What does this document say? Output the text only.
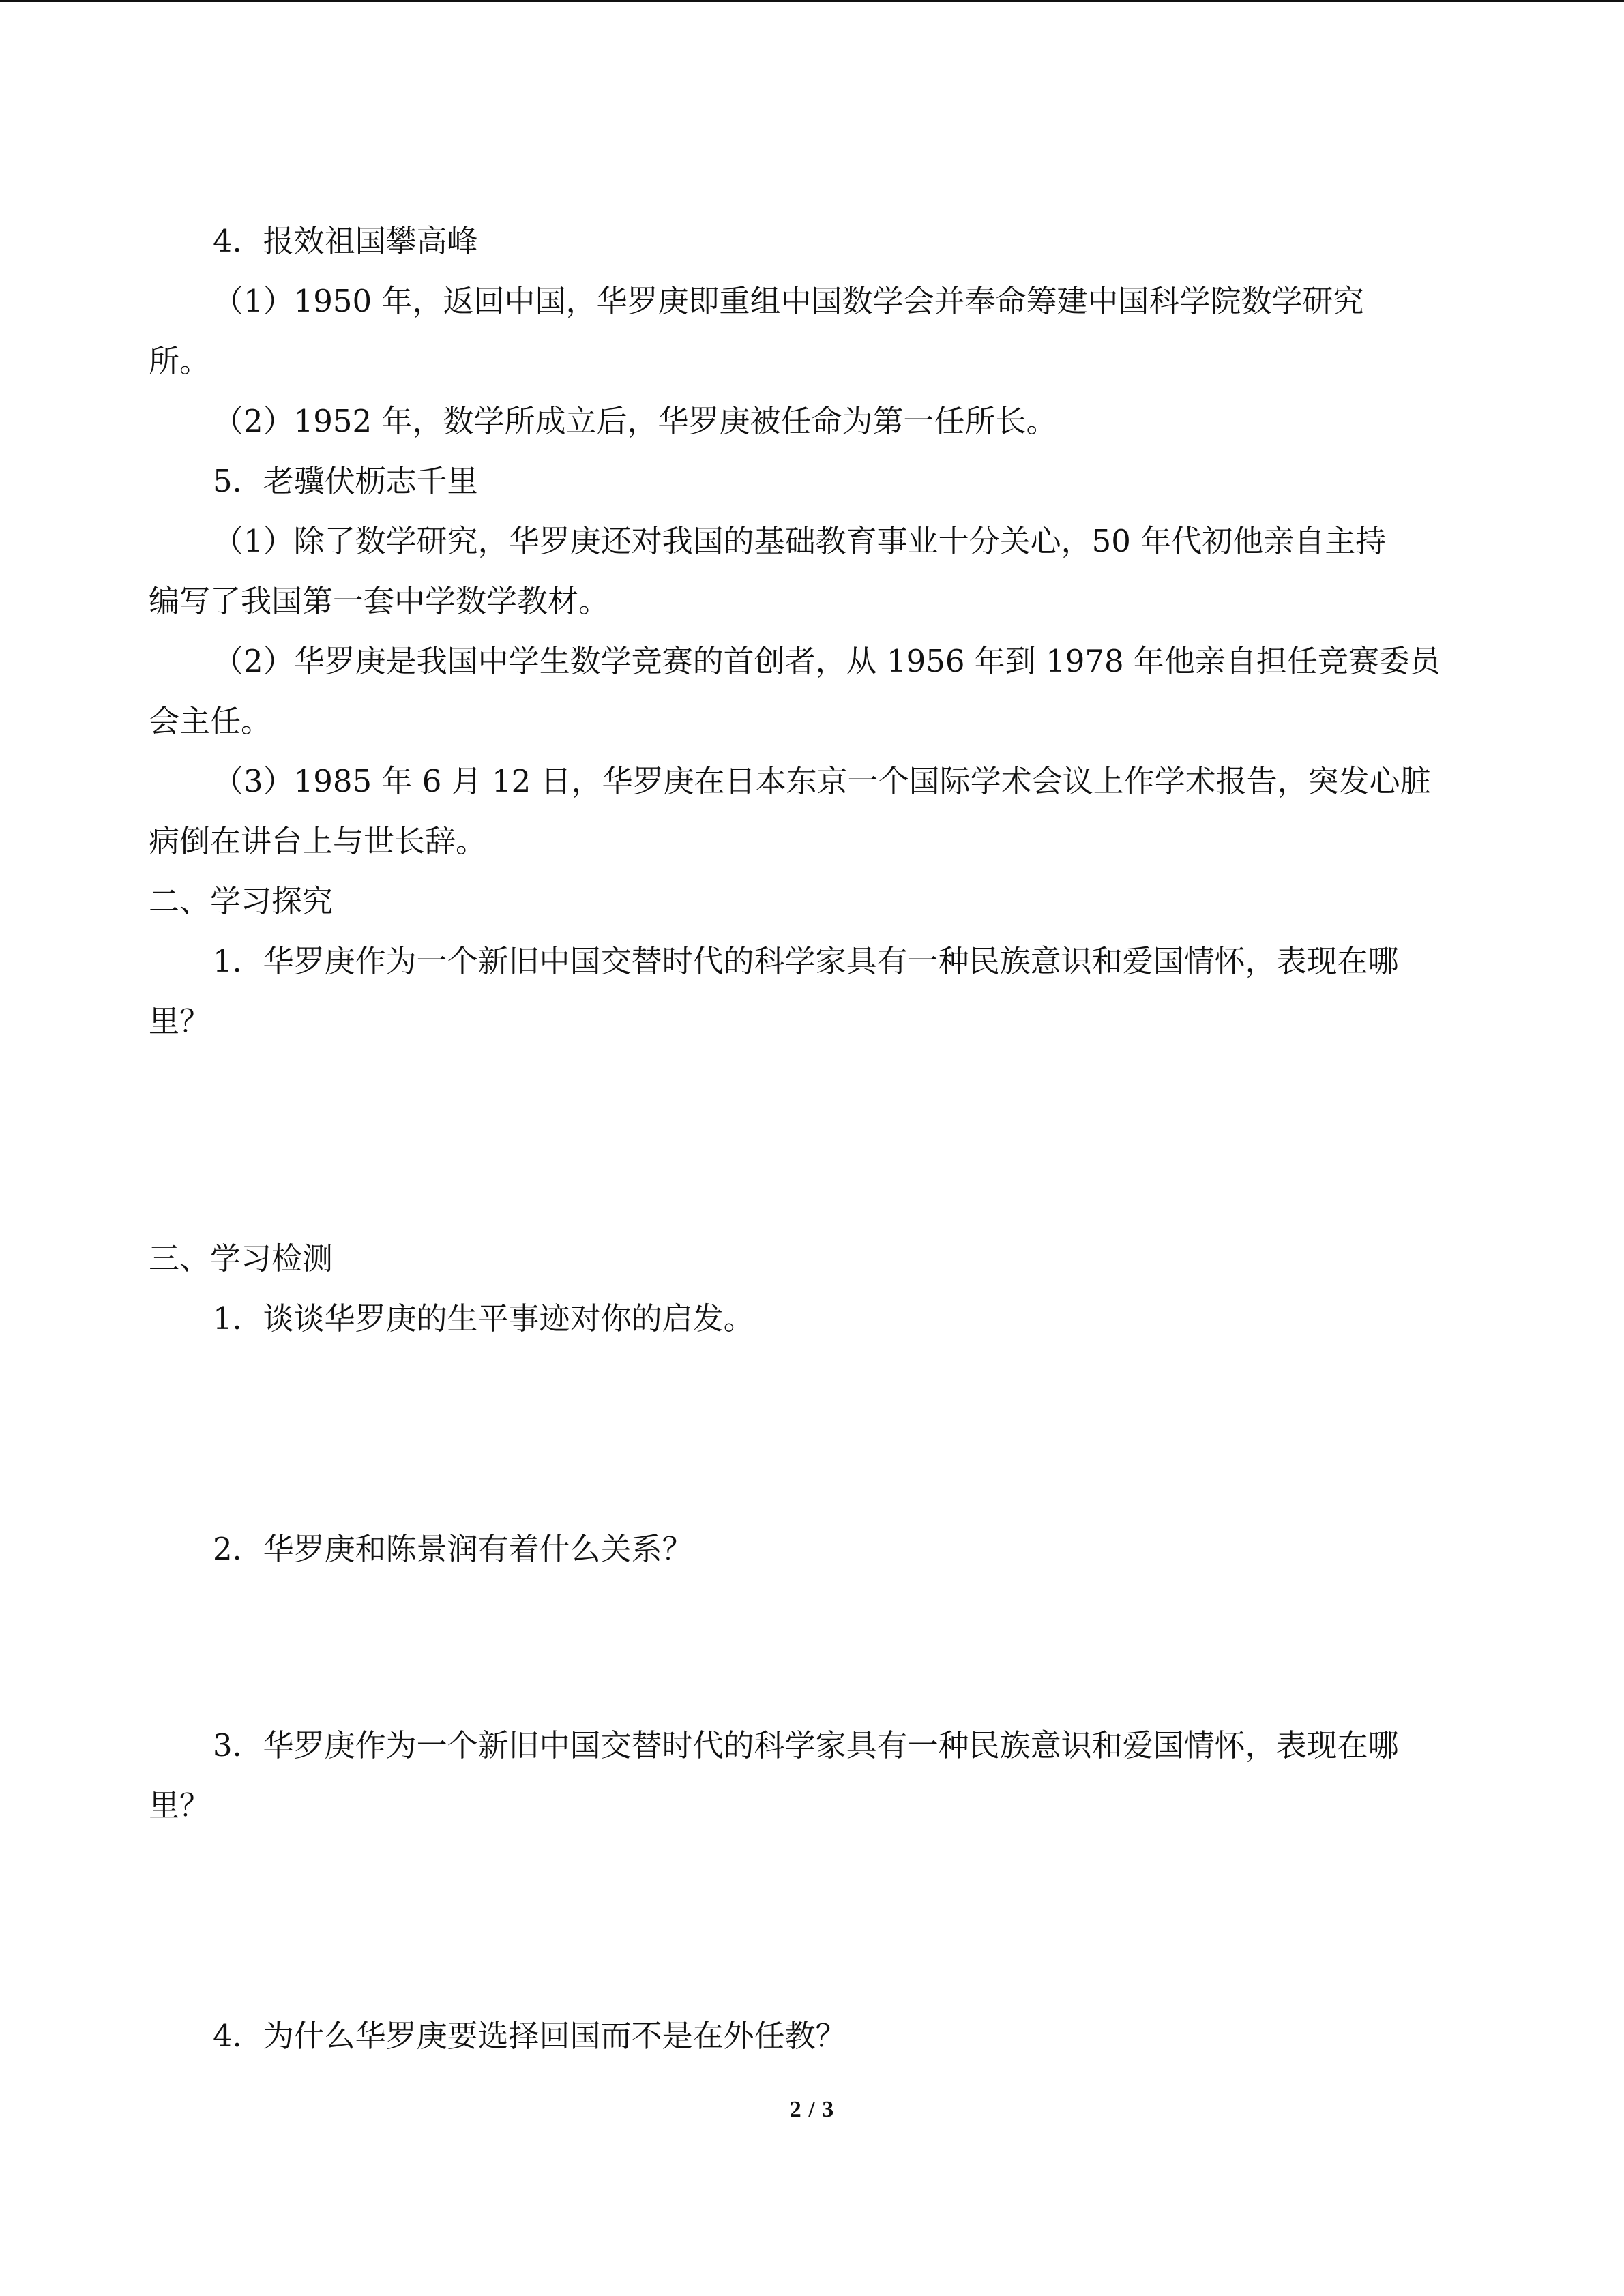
4．报效祖国攀高峰
（1）1950 年，返回中国，华罗庚即重组中国数学会并奉命筹建中国科学院数学研究
所。
（2）1952 年，数学所成立后，华罗庚被任命为第一任所长。
5．老骥伏枥志千里
（1）除了数学研究，华罗庚还对我国的基础教育事业十分关心，50 年代初他亲自主持
编写了我国第一套中学数学教材。
（2）华罗庚是我国中学生数学竞赛的首创者，从 1956 年到 1978 年他亲自担任竞赛委员
会主任。
（3）1985 年 6 月 12 日，华罗庚在日本东京一个国际学术会议上作学术报告，突发心脏
病倒在讲台上与世长辞。
二、学习探究
1．华罗庚作为一个新旧中国交替时代的科学家具有一种民族意识和爱国情怀，表现在哪
里？
三、学习检测
1．谈谈华罗庚的生平事迹对你的启发。
2．华罗庚和陈景润有着什么关系？
3．华罗庚作为一个新旧中国交替时代的科学家具有一种民族意识和爱国情怀，表现在哪
里？
4．为什么华罗庚要选择回国而不是在外任教？
2 / 3
